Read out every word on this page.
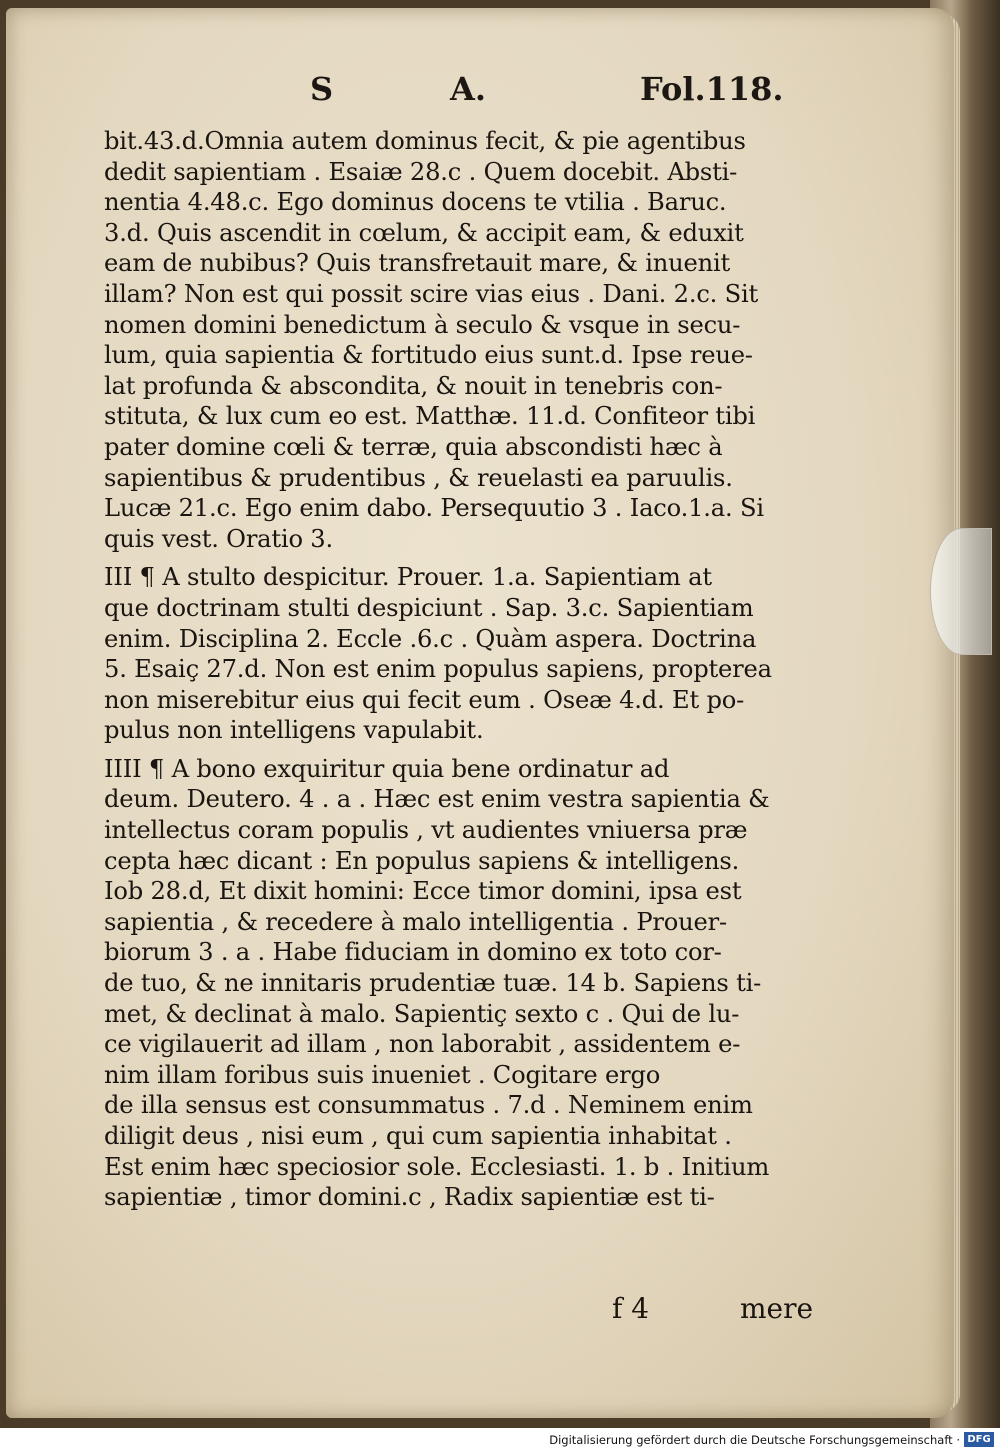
S	A.	Fol.118.
bit.43.d.Omnia autem dominus fecit, & pie agentibus
dedit sapientiam . Esaiæ 28.c . Quem docebit. Absti-
nentia 4.48.c. Ego dominus docens te vtilia . Baruc.
3.d. Quis ascendit in cœlum, & accipit eam, & eduxit
eam de nubibus? Quis transfretauit mare, & inuenit
illam? Non est qui possit scire vias eius . Dani. 2.c. Sit
nomen domini benedictum à seculo & vsque in secu-
lum, quia sapientia & fortitudo eius sunt.d. Ipse reue-
lat profunda & abscondita, & nouit in tenebris con-
stituta, & lux cum eo est. Matthæ. 11.d. Confiteor tibi
pater domine cœli & terræ, quia abscondisti hæc à
sapientibus & prudentibus , & reuelasti ea paruulis.
Lucæ 21.c. Ego enim dabo. Persequutio 3 . Iaco.1.a. Si
quis vest. Oratio 3.
III ¶ A stulto despicitur. Prouer. 1.a. Sapientiam at
que doctrinam stulti despiciunt . Sap. 3.c. Sapientiam
enim. Disciplina 2. Eccle .6.c . Quàm aspera. Doctrina
5. Esaiç 27.d. Non est enim populus sapiens, propterea
non miserebitur eius qui fecit eum . Oseæ 4.d. Et po-
pulus non intelligens vapulabit.
IIII ¶ A bono exquiritur quia bene ordinatur ad
deum. Deutero. 4 . a . Hæc est enim vestra sapientia &
intellectus coram populis , vt audientes vniuersa præ
cepta hæc dicant : En populus sapiens & intelligens.
Iob 28.d, Et dixit homini: Ecce timor domini, ipsa est
sapientia , & recedere à malo intelligentia . Prouer-
biorum 3 . a . Habe fiduciam in domino ex toto cor-
de tuo, & ne innitaris prudentiæ tuæ. 14 b. Sapiens ti-
met, & declinat à malo. Sapientiç sexto c . Qui de lu-
ce vigilauerit ad illam , non laborabit , assidentem e-
nim illam foribus suis inueniet . Cogitare ergo
de illa sensus est consummatus . 7.d . Neminem enim
diligit deus , nisi eum , qui cum sapientia inhabitat .
Est enim hæc speciosior sole. Ecclesiasti. 1. b . Initium
sapientiæ , timor domini.c , Radix sapientiæ est ti-
f 4	mere
Digitalisierung gefördert durch die Deutsche Forschungsgemeinschaft · DFG
